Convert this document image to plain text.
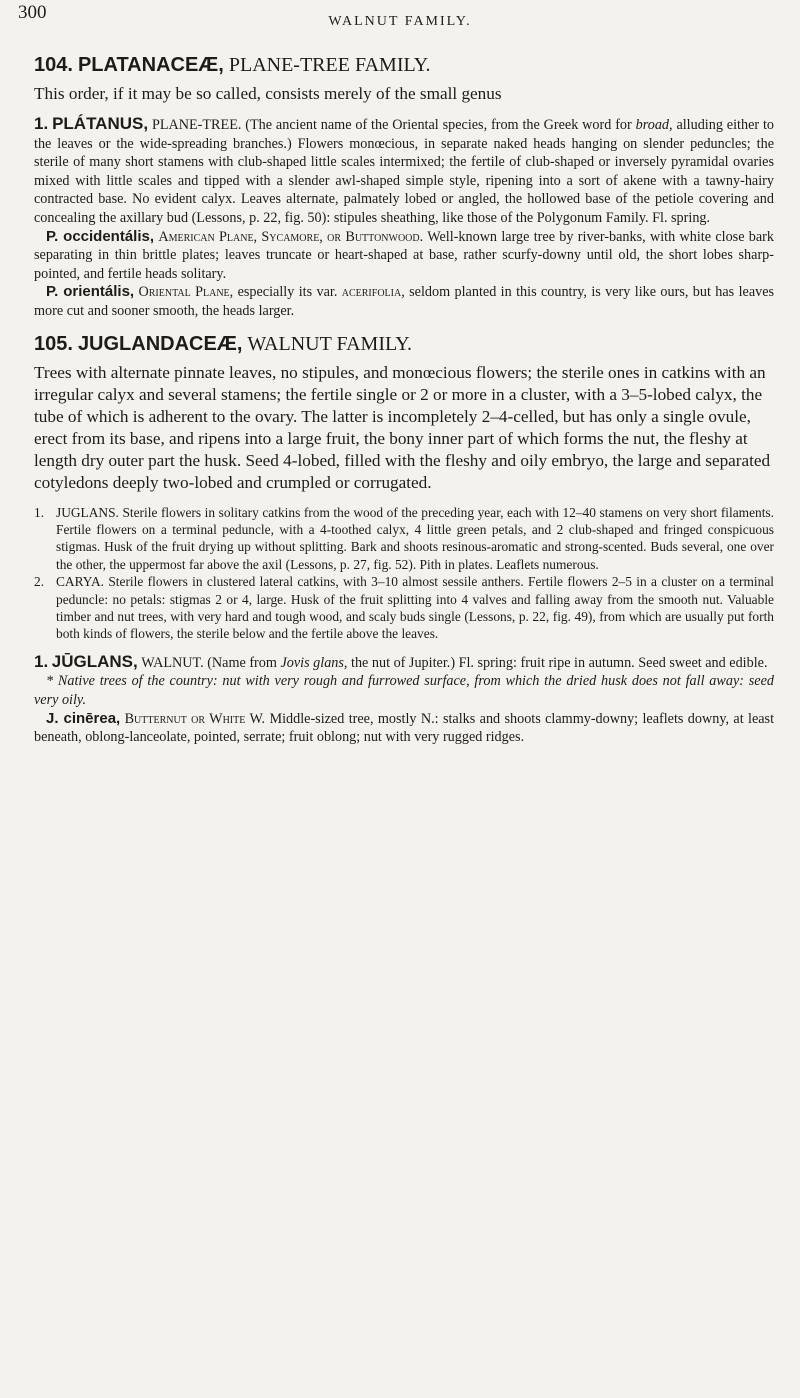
300	WALNUT FAMILY.
104. PLATANACEÆ, PLANE-TREE FAMILY.

This order, if it may be so called, consists merely of the small genus

1. PLÁTANUS, PLANE-TREE. (The ancient name of the Oriental species, from the Greek word for broad, alluding either to the leaves or the wide-spreading branches.) Flowers monœcious, in separate naked heads hanging on slender peduncles; the sterile of many short stamens with club-shaped little scales intermixed; the fertile of club-shaped or inversely pyramidal ovaries mixed with little scales and tipped with a slender awl-shaped simple style, ripening into a sort of akene with a tawny-hairy contracted base. No evident calyx. Leaves alternate, palmately lobed or angled, the hollowed base of the petiole covering and concealing the axillary bud (Lessons, p. 22, fig. 50): stipules sheathing, like those of the Polygonum Family. Fl. spring.

P. occidentális, American Plane, Sycamore, or Buttonwood. Well-known large tree by river-banks, with white close bark separating in thin brittle plates; leaves truncate or heart-shaped at base, rather scurfy-downy until old, the short lobes sharp-pointed, and fertile heads solitary.

P. orientális, Oriental Plane, especially its var. acerifolia, seldom planted in this country, is very like ours, but has leaves more cut and sooner smooth, the heads larger.

105. JUGLANDACEÆ, WALNUT FAMILY.

Trees with alternate pinnate leaves, no stipules, and monœcious flowers; the sterile ones in catkins with an irregular calyx and several stamens; the fertile single or 2 or more in a cluster, with a 3–5-lobed calyx, the tube of which is adherent to the ovary. The latter is incompletely 2–4-celled, but has only a single ovule, erect from its base, and ripens into a large fruit, the bony inner part of which forms the nut, the fleshy at length dry outer part the husk. Seed 4-lobed, filled with the fleshy and oily embryo, the large and separated cotyledons deeply two-lobed and crumpled or corrugated.

1. JUGLANS. Sterile flowers in solitary catkins from the wood of the preceding year, each with 12–40 stamens on very short filaments. Fertile flowers on a terminal peduncle, with a 4-toothed calyx, 4 little green petals, and 2 club-shaped and fringed conspicuous stigmas. Husk of the fruit drying up without splitting. Bark and shoots resinous-aromatic and strong-scented. Buds several, one over the other, the uppermost far above the axil (Lessons, p. 27, fig. 52). Pith in plates. Leaflets numerous.
2. CARYA. Sterile flowers in clustered lateral catkins, with 3–10 almost sessile anthers. Fertile flowers 2–5 in a cluster on a terminal peduncle: no petals: stigmas 2 or 4, large. Husk of the fruit splitting into 4 valves and falling away from the smooth nut. Valuable timber and nut trees, with very hard and tough wood, and scaly buds single (Lessons, p. 22, fig. 49), from which are usually put forth both kinds of flowers, the sterile below and the fertile above the leaves.

1. JŪGLANS, WALNUT. (Name from Jovis glans, the nut of Jupiter.) Fl. spring: fruit ripe in autumn. Seed sweet and edible.

* Native trees of the country: nut with very rough and furrowed surface, from which the dried husk does not fall away: seed very oily.

J. cinērea, Butternut or White W. Middle-sized tree, mostly N.: stalks and shoots clammy-downy; leaflets downy, at least beneath, oblong-lanceolate, pointed, serrate; fruit oblong; nut with very rugged ridges.
